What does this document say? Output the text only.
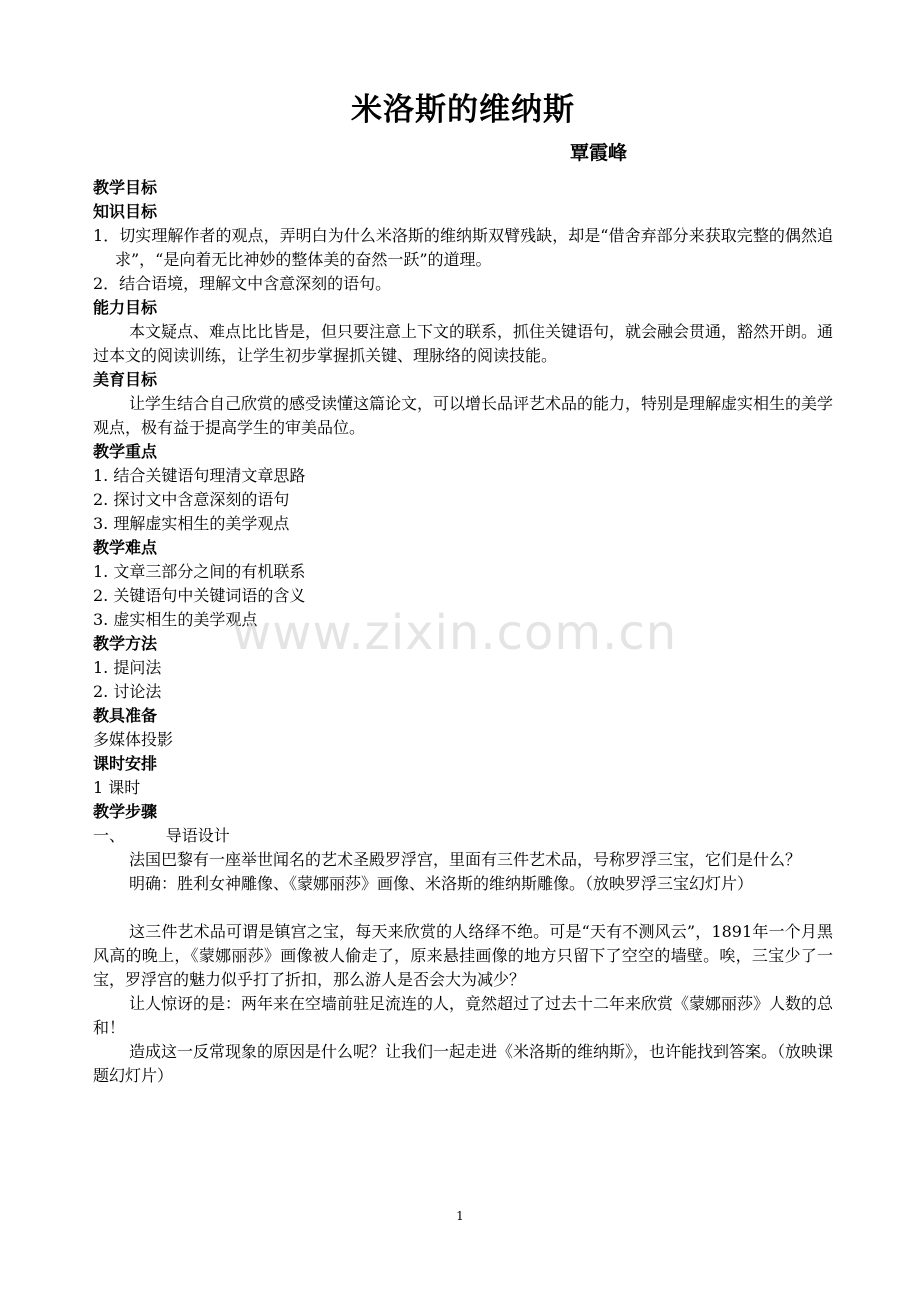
米洛斯的维纳斯
覃霞峰
教学目标
知识目标
1．切实理解作者的观点，弄明白为什么米洛斯的维纳斯双臂残缺，却是“借舍弃部分来获取完整的偶然追求”，“是向着无比神妙的整体美的奋然一跃”的道理。
2．结合语境，理解文中含意深刻的语句。
能力目标
本文疑点、难点比比皆是，但只要注意上下文的联系，抓住关键语句，就会融会贯通，豁然开朗。通过本文的阅读训练，让学生初步掌握抓关键、理脉络的阅读技能。
美育目标
让学生结合自己欣赏的感受读懂这篇论文，可以增长品评艺术品的能力，特别是理解虚实相生的美学观点，极有益于提高学生的审美品位。
教学重点
1. 结合关键语句理清文章思路
2. 探讨文中含意深刻的语句
3. 理解虚实相生的美学观点
教学难点
1. 文章三部分之间的有机联系
2. 关键语句中关键词语的含义
3. 虚实相生的美学观点
教学方法
1. 提问法
2. 讨论法
教具准备
多媒体投影
课时安排
1 课时
教学步骤
一、        导语设计
法国巴黎有一座举世闻名的艺术圣殿罗浮宫，里面有三件艺术品，号称罗浮三宝，它们是什么？
明确：胜利女神雕像、《蒙娜丽莎》画像、米洛斯的维纳斯雕像。（放映罗浮三宝幻灯片）
这三件艺术品可谓是镇宫之宝，每天来欣赏的人络绎不绝。可是“天有不测风云”，1891年一个月黑风高的晚上，《蒙娜丽莎》画像被人偷走了，原来悬挂画像的地方只留下了空空的墙壁。唉，三宝少了一宝，罗浮宫的魅力似乎打了折扣，那么游人是否会大为减少？
让人惊讶的是：两年来在空墙前驻足流连的人，竟然超过了过去十二年来欣赏《蒙娜丽莎》人数的总和！
造成这一反常现象的原因是什么呢？让我们一起走进《米洛斯的维纳斯》，也许能找到答案。（放映课题幻灯片）
www.zixin.com.cn
1
